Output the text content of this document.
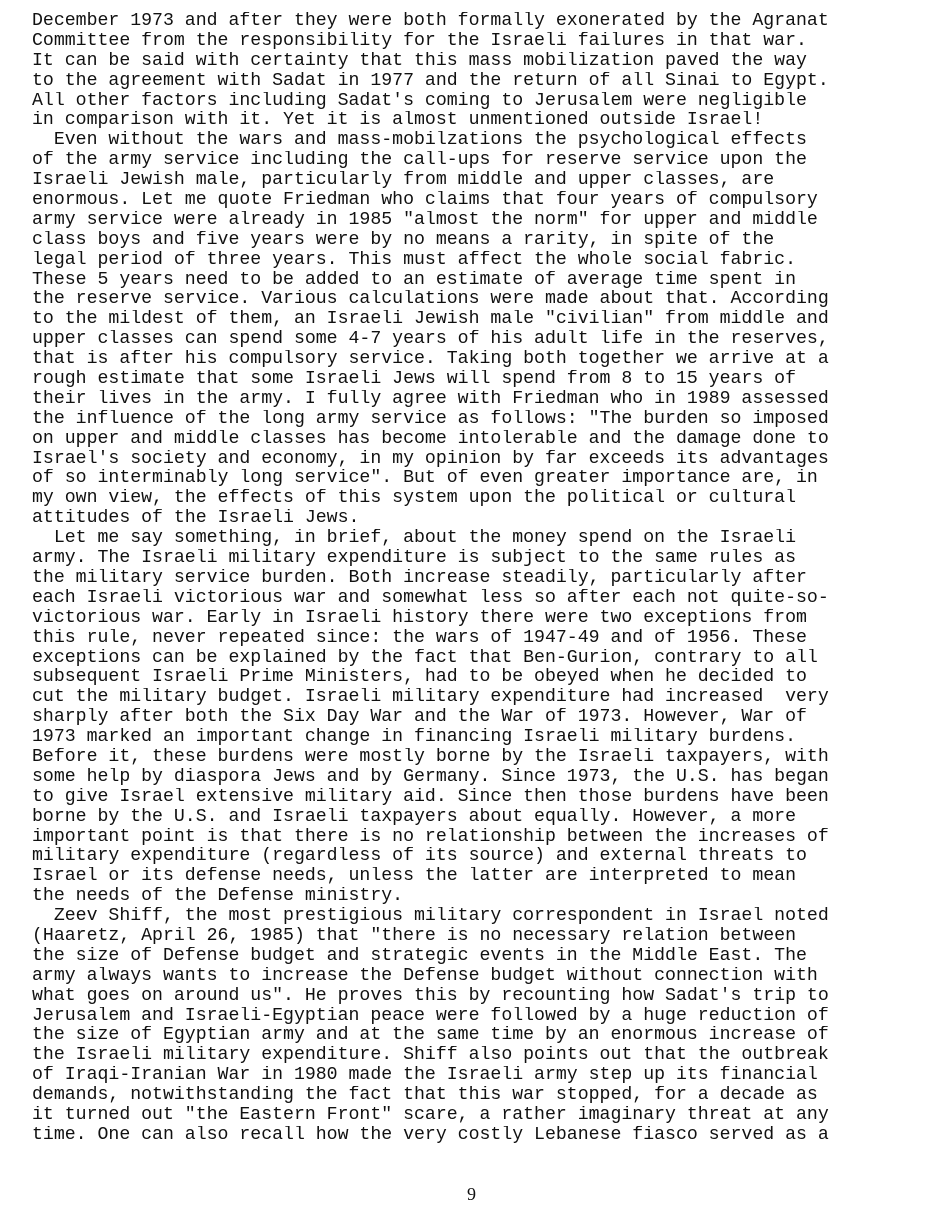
December 1973 and after they were both formally exonerated by the Agranat
Committee from the responsibility for the Israeli failures in that war.
It can be said with certainty that this mass mobilization paved the way
to the agreement with Sadat in 1977 and the return of all Sinai to Egypt.
All other factors including Sadat's coming to Jerusalem were negligible
in comparison with it. Yet it is almost unmentioned outside Israel!
Even without the wars and mass-mobilzations the psychological effects
of the army service including the call-ups for reserve service upon the
Israeli Jewish male, particularly from middle and upper classes, are
enormous. Let me quote Friedman who claims that four years of compulsory
army service were already in 1985 "almost the norm" for upper and middle
class boys and five years were by no means a rarity, in spite of the
legal period of three years. This must affect the whole social fabric.
These 5 years need to be added to an estimate of average time spent in
the reserve service. Various calculations were made about that. According
to the mildest of them, an Israeli Jewish male "civilian" from middle and
upper classes can spend some 4-7 years of his adult life in the reserves,
that is after his compulsory service. Taking both together we arrive at a
rough estimate that some Israeli Jews will spend from 8 to 15 years of
their lives in the army. I fully agree with Friedman who in 1989 assessed
the influence of the long army service as follows: "The burden so imposed
on upper and middle classes has become intolerable and the damage done to
Israel's society and economy, in my opinion by far exceeds its advantages
of so interminably long service". But of even greater importance are, in
my own view, the effects of this system upon the political or cultural
attitudes of the Israeli Jews.
Let me say something, in brief, about the money spend on the Israeli
army. The Israeli military expenditure is subject to the same rules as
the military service burden. Both increase steadily, particularly after
each Israeli victorious war and somewhat less so after each not quite-so-
victorious war. Early in Israeli history there were two exceptions from
this rule, never repeated since: the wars of 1947-49 and of 1956. These
exceptions can be explained by the fact that Ben-Gurion, contrary to all
subsequent Israeli Prime Ministers, had to be obeyed when he decided to
cut the military budget. Israeli military expenditure had increased  very
sharply after both the Six Day War and the War of 1973. However, War of
1973 marked an important change in financing Israeli military burdens.
Before it, these burdens were mostly borne by the Israeli taxpayers, with
some help by diaspora Jews and by Germany. Since 1973, the U.S. has began
to give Israel extensive military aid. Since then those burdens have been
borne by the U.S. and Israeli taxpayers about equally. However, a more
important point is that there is no relationship between the increases of
military expenditure (regardless of its source) and external threats to
Israel or its defense needs, unless the latter are interpreted to mean
the needs of the Defense ministry.
Zeev Shiff, the most prestigious military correspondent in Israel noted
(Haaretz, April 26, 1985) that "there is no necessary relation between
the size of Defense budget and strategic events in the Middle East. The
army always wants to increase the Defense budget without connection with
what goes on around us". He proves this by recounting how Sadat's trip to
Jerusalem and Israeli-Egyptian peace were followed by a huge reduction of
the size of Egyptian army and at the same time by an enormous increase of
the Israeli military expenditure. Shiff also points out that the outbreak
of Iraqi-Iranian War in 1980 made the Israeli army step up its financial
demands, notwithstanding the fact that this war stopped, for a decade as
it turned out "the Eastern Front" scare, a rather imaginary threat at any
time. One can also recall how the very costly Lebanese fiasco served as a
9
